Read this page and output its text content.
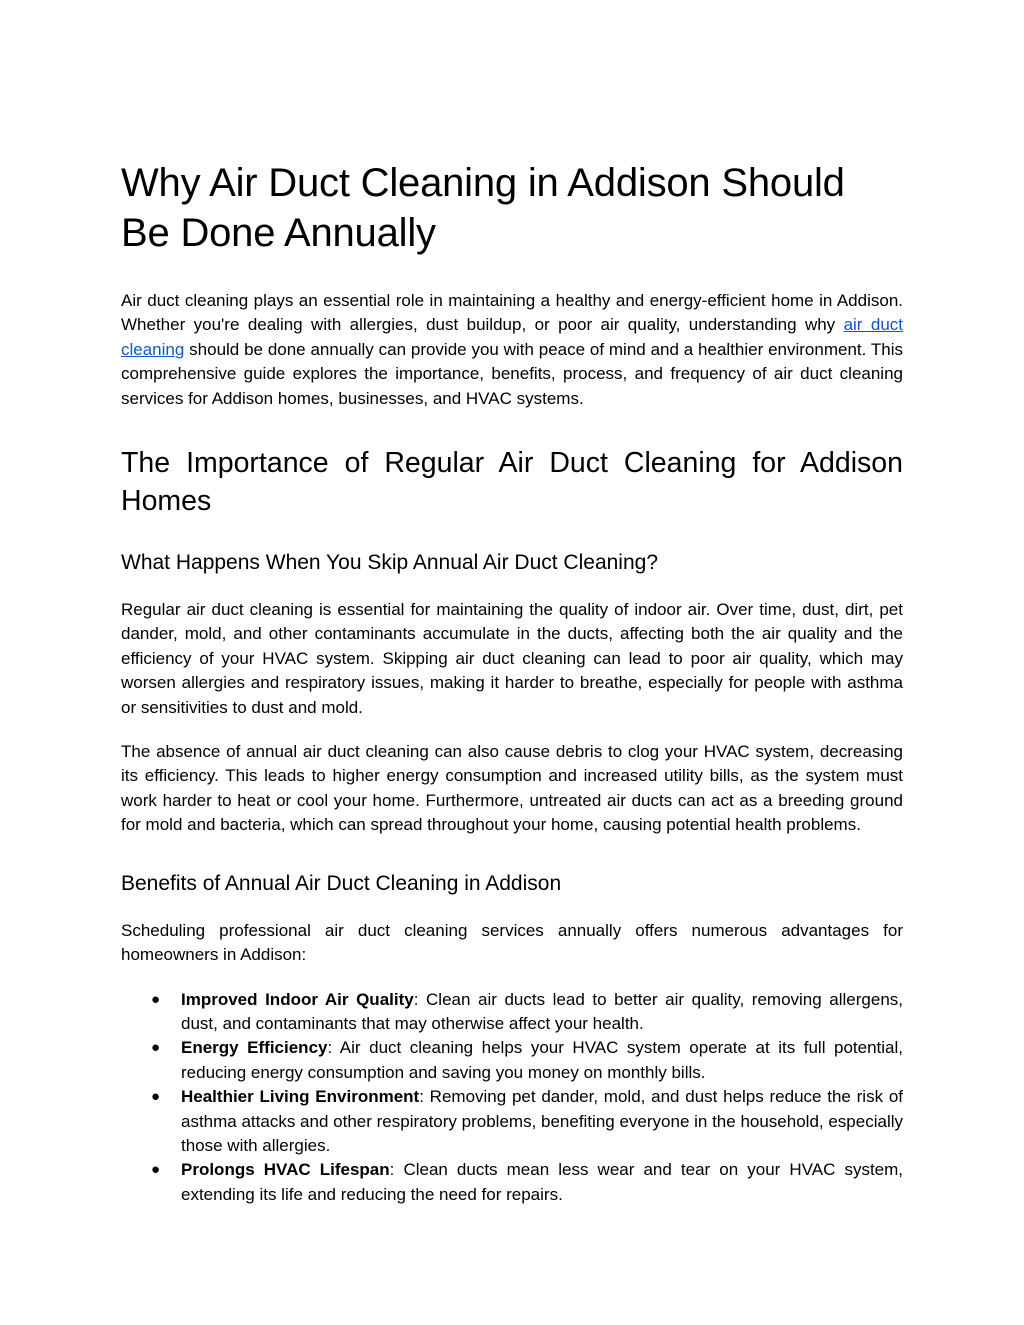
Why Air Duct Cleaning in Addison Should Be Done Annually

Air duct cleaning plays an essential role in maintaining a healthy and energy-efficient home in Addison. Whether you're dealing with allergies, dust buildup, or poor air quality, understanding why air duct cleaning should be done annually can provide you with peace of mind and a healthier environment. This comprehensive guide explores the importance, benefits, process, and frequency of air duct cleaning services for Addison homes, businesses, and HVAC systems.

The Importance of Regular Air Duct Cleaning for Addison Homes
What Happens When You Skip Annual Air Duct Cleaning?

Regular air duct cleaning is essential for maintaining the quality of indoor air. Over time, dust, dirt, pet dander, mold, and other contaminants accumulate in the ducts, affecting both the air quality and the efficiency of your HVAC system. Skipping air duct cleaning can lead to poor air quality, which may worsen allergies and respiratory issues, making it harder to breathe, especially for people with asthma or sensitivities to dust and mold.

The absence of annual air duct cleaning can also cause debris to clog your HVAC system, decreasing its efficiency. This leads to higher energy consumption and increased utility bills, as the system must work harder to heat or cool your home. Furthermore, untreated air ducts can act as a breeding ground for mold and bacteria, which can spread throughout your home, causing potential health problems.

Benefits of Annual Air Duct Cleaning in Addison

Scheduling professional air duct cleaning services annually offers numerous advantages for homeowners in Addison:

● Improved Indoor Air Quality: Clean air ducts lead to better air quality, removing allergens, dust, and contaminants that may otherwise affect your health.
● Energy Efficiency: Air duct cleaning helps your HVAC system operate at its full potential, reducing energy consumption and saving you money on monthly bills.
● Healthier Living Environment: Removing pet dander, mold, and dust helps reduce the risk of asthma attacks and other respiratory problems, benefiting everyone in the household, especially those with allergies.
● Prolongs HVAC Lifespan: Clean ducts mean less wear and tear on your HVAC system, extending its life and reducing the need for repairs.
